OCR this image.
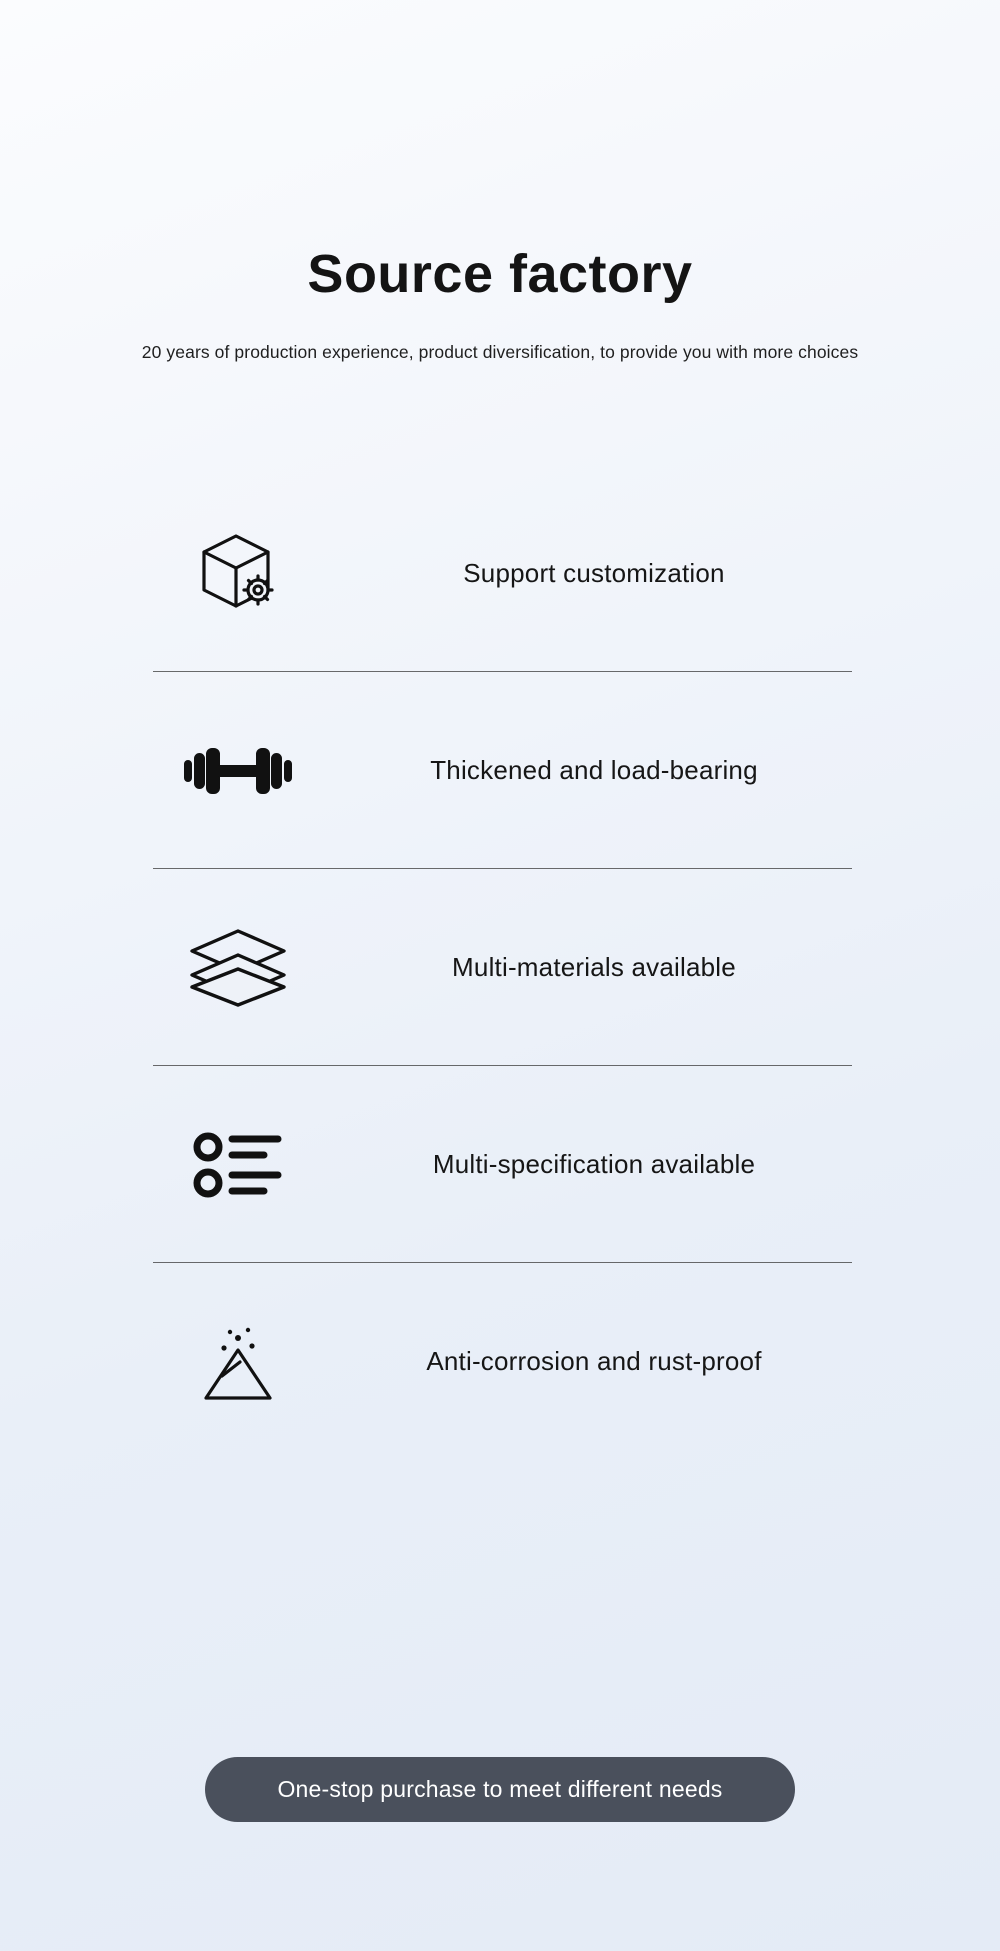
Source factory

20 years of production experience, product diversification, to provide you with more choices

Support customization
Thickened and load-bearing
Multi-materials available
Multi-specification available
Anti-corrosion and rust-proof
One-stop purchase to meet different needs
